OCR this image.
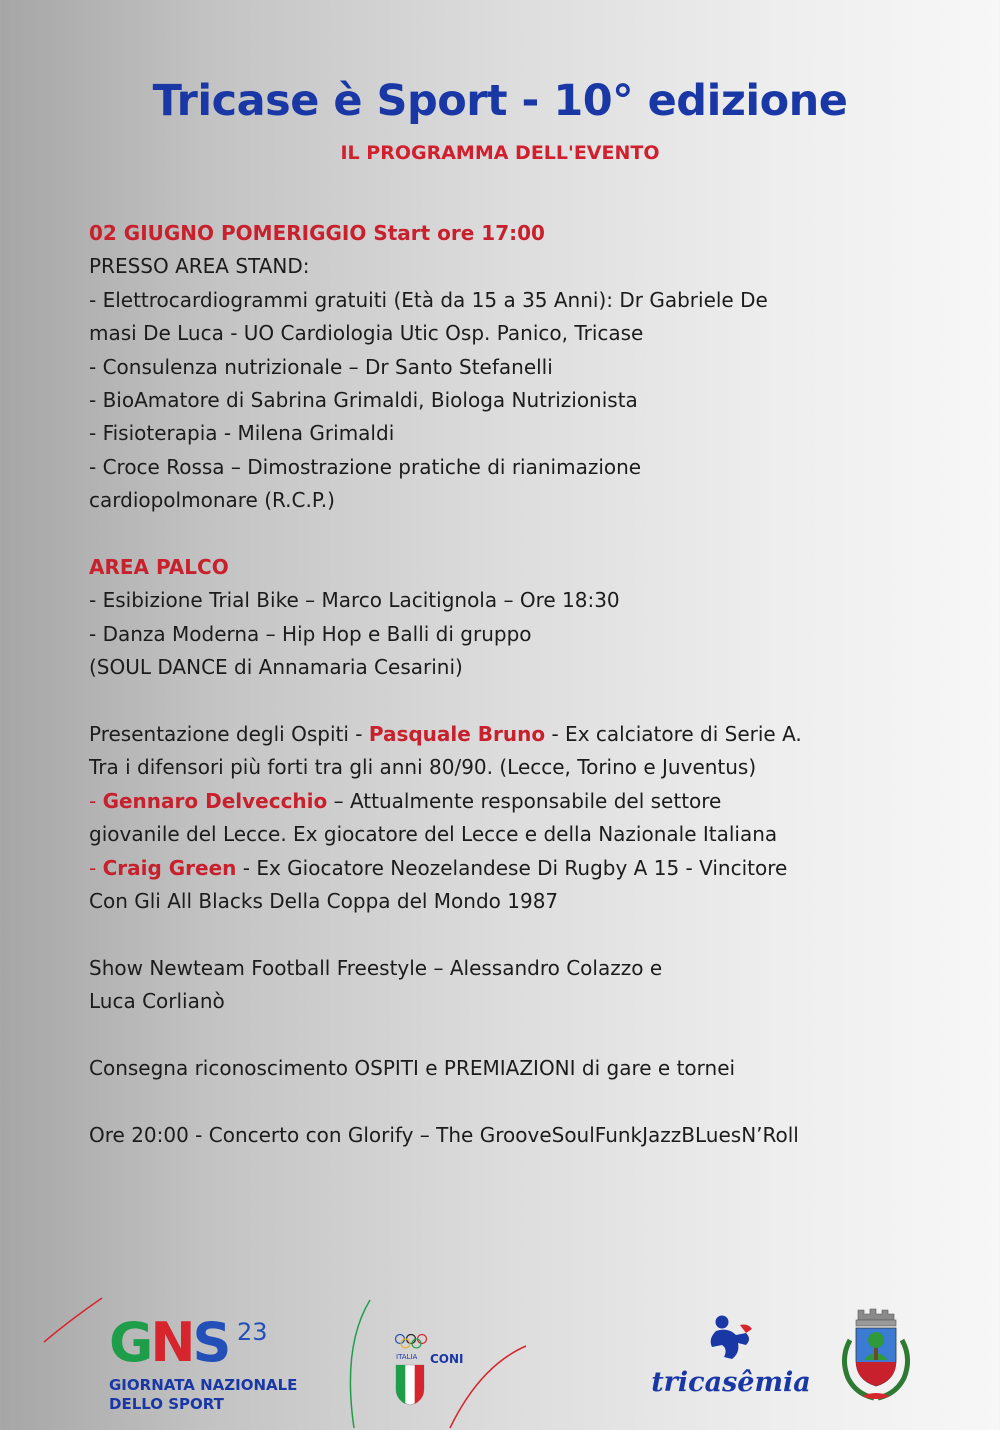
Tricase è Sport - 10° edizione
IL PROGRAMMA DELL'EVENTO

02 GIUGNO POMERIGGIO Start ore 17:00

PRESSO AREA STAND:

- Elettrocardiogrammi gratuiti (Età da 15 a 35 Anni): Dr Gabriele De

masi De Luca - UO Cardiologia Utic Osp. Panico, Tricase

- Consulenza nutrizionale – Dr Santo Stefanelli

- BioAmatore di Sabrina Grimaldi, Biologa Nutrizionista

- Fisioterapia - Milena Grimaldi

- Croce Rossa – Dimostrazione pratiche di rianimazione

cardiopolmonare (R.C.P.)

AREA PALCO

- Esibizione Trial Bike – Marco Lacitignola – Ore 18:30

- Danza Moderna – Hip Hop e Balli di gruppo

(SOUL DANCE di Annamaria Cesarini)

Presentazione degli Ospiti - Pasquale Bruno - Ex calciatore di Serie A.

Tra i difensori più forti tra gli anni 80/90. (Lecce, Torino e Juventus)

- Gennaro Delvecchio – Attualmente responsabile del settore

giovanile del Lecce. Ex giocatore del Lecce e della Nazionale Italiana

- Craig Green - Ex Giocatore Neozelandese Di Rugby A 15 - Vincitore

Con Gli All Blacks Della Coppa del Mondo 1987

Show Newteam Football Freestyle – Alessandro Colazzo e

Luca Corlianò

Consegna riconoscimento OSPITI e PREMIAZIONI di gare e tornei

Ore 20:00 - Concerto con Glorify – The GrooveSoulFunkJazzBLuesN’Roll

GNS 23
GIORNATA NAZIONALE
DELLO SPORT
ITALIA CONI
tricasêmia
